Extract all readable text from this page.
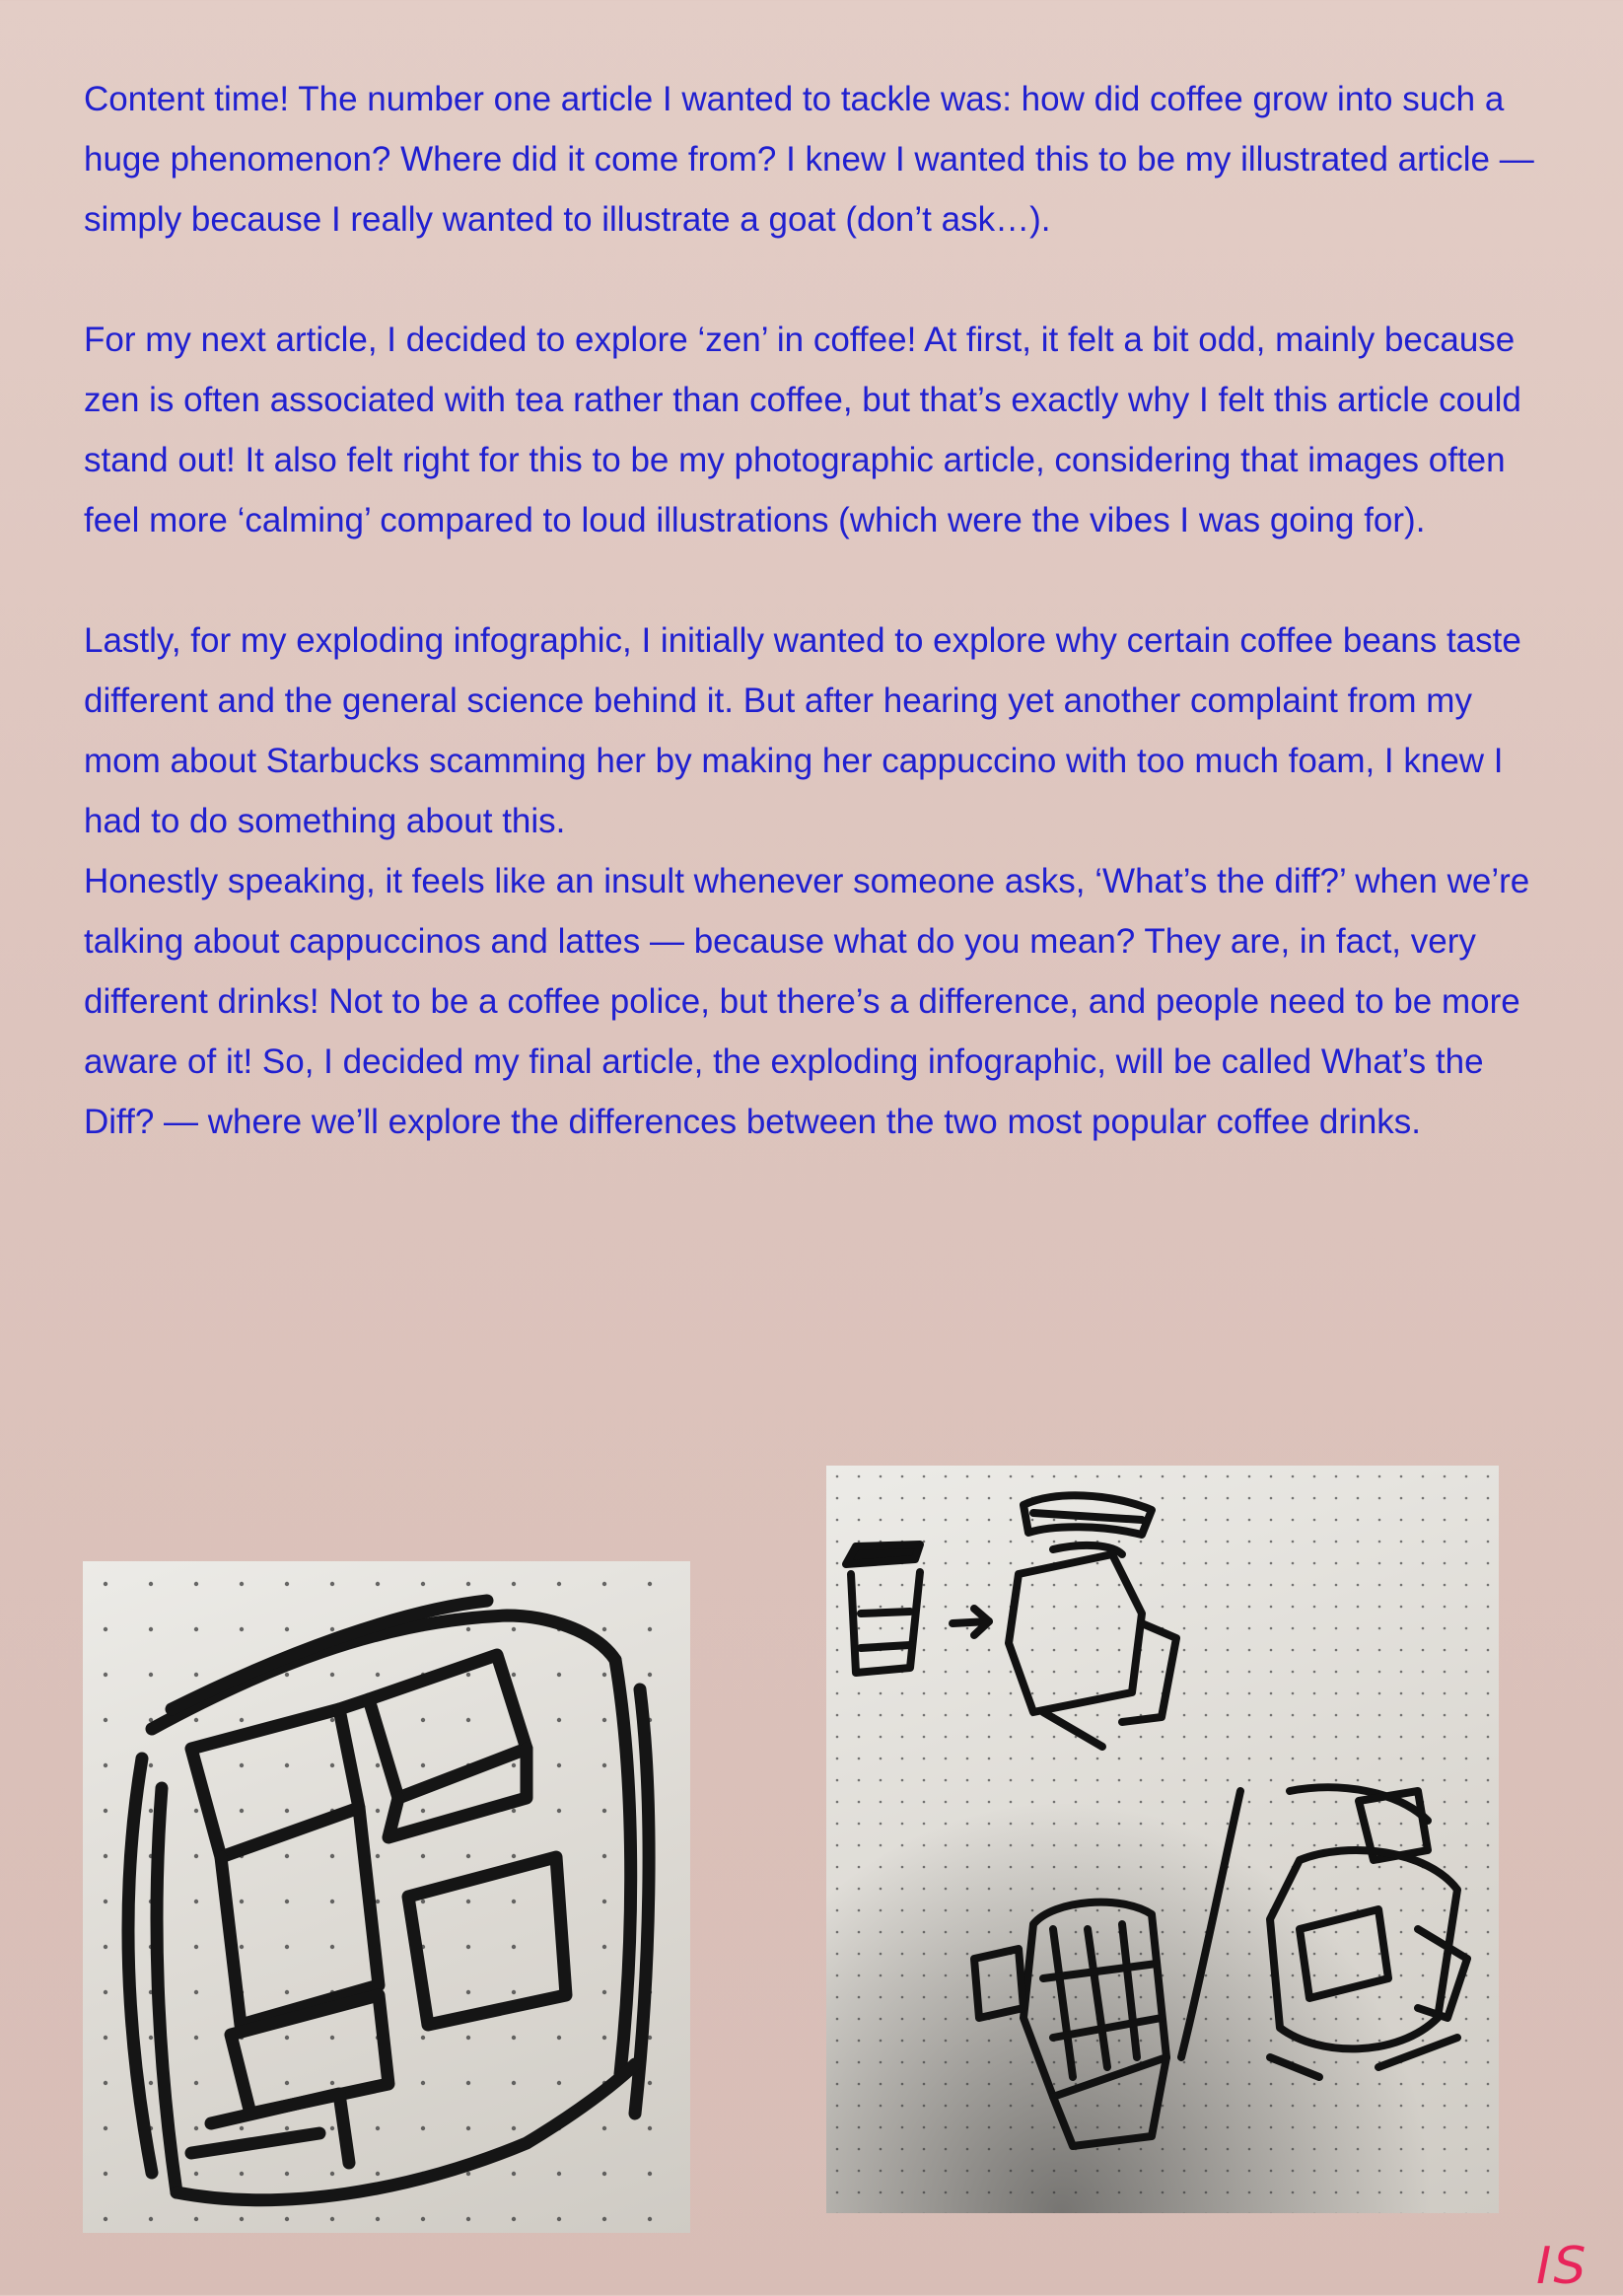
Content time! The number one article I wanted to tackle was: how did coffee grow into such a huge phenomenon? Where did it come from? I knew I wanted this to be my illustrated article — simply because I really wanted to illustrate a goat (don’t ask…).

For my next article, I decided to explore ‘zen’ in coffee! At first, it felt a bit odd, mainly because zen is often associated with tea rather than coffee, but that’s exactly why I felt this article could stand out! It also felt right for this to be my photographic article, considering that images often feel more ‘calming’ compared to loud illustrations (which were the vibes I was going for).

Lastly, for my exploding infographic, I initially wanted to explore why certain coffee beans taste different and the general science behind it. But after hearing yet another complaint from my mom about Starbucks scamming her by making her cappuccino with too much foam, I knew I had to do something about this.

Honestly speaking, it feels like an insult whenever someone asks, ‘What’s the diff?’ when we’re talking about cappuccinos and lattes — because what do you mean? They are, in fact, very different drinks! Not to be a coffee police, but there’s a difference, and people need to be more aware of it! So, I decided my final article, the exploding infographic, will be called What’s the Diff? — where we’ll explore the differences between the two most popular coffee drinks.

IS
